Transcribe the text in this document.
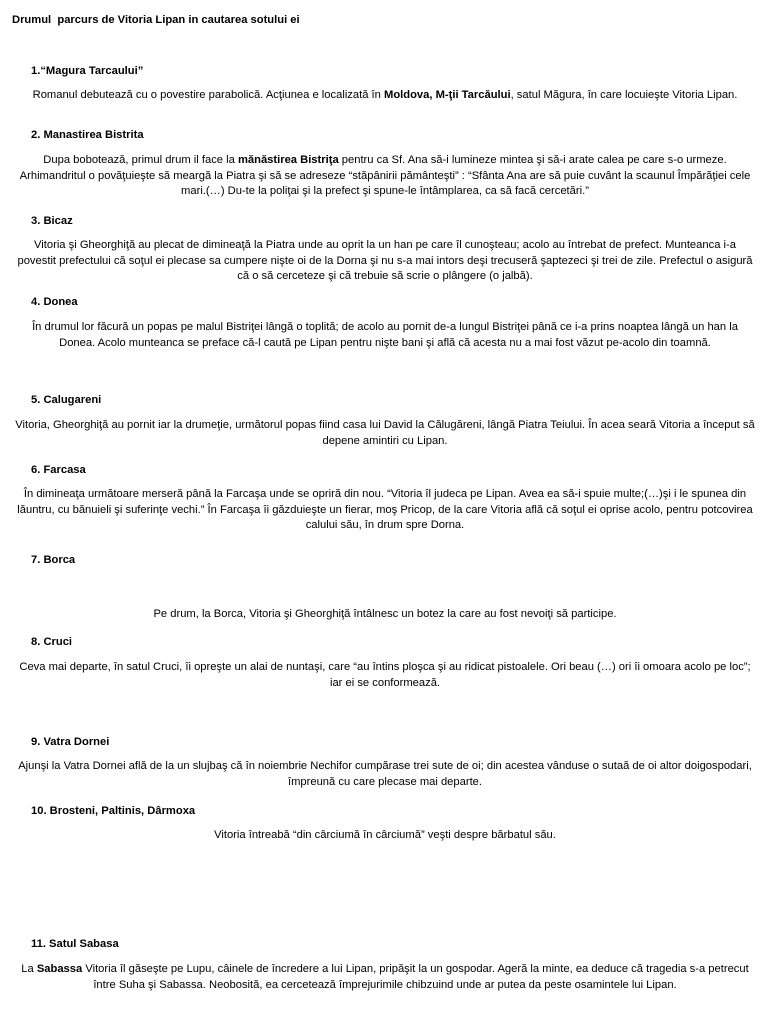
Drumul  parcurs de Vitoria Lipan in cautarea sotului ei
1.“Magura Tarcaului”
Romanul debutează cu o povestire parabolică. Acţiunea e localizată în Moldova, M-ţii Tarcăului, satul Măgura, în care locuieşte Vitoria Lipan.
2. Manastirea Bistrita
Dupa bobotează, primul drum il face la mănăstirea Bistriţa pentru ca Sf. Ana să-i lumineze mintea şi să-i arate calea pe care s-o urmeze. Arhimandritul o povăţuieşte să meargă la Piatra şi să se adreseze “stăpânirii pământeşti” : “Sfânta Ana are să puie cuvânt la scaunul Împărăţiei cele mari.(…) Du-te la poliţai şi la prefect şi spune-le întâmplarea, ca să facă cercetări.”
3. Bicaz
Vitoria şi Gheorghiţă au plecat de dimineaţă la Piatra unde au oprit la un han pe care îl cunoşteau; acolo au întrebat de prefect. Munteanca i-a povestit prefectului că soţul ei plecase sa cumpere nişte oi de la Dorna şi nu s-a mai intors deşi trecuseră şaptezeci şi trei de zile. Prefectul o asigură că o să cerceteze şi că trebuie să scrie o plângere (o jalbă).
4. Donea
În drumul lor făcură un popas pe malul Bistriţei lângă o toplită; de acolo au pornit de-a lungul Bistriţei până ce i-a prins noaptea lângă un han la Donea. Acolo munteanca se preface că-l caută pe Lipan pentru nişte bani şi află că acesta nu a mai fost văzut pe-acolo din toamnă.
5. Calugareni
Vitoria, Gheorghiţă au pornit iar la drumeţie, următorul popas fiind casa lui David la Călugăreni, lângă Piatra Teiului. În acea seară Vitoria a început să depene amintiri cu Lipan.
6. Farcasa
În dimineaţa următoare merseră până la Farcaşa unde se opriră din nou. “Vitoria îl judeca pe Lipan. Avea ea să-i spuie multe;(…)şi i le spunea din lăuntru, cu bănuieli şi suferinţe vechi.” În Farcaşa îi găzduieşte un fierar, moş Pricop, de la care Vitoria află că soţul ei oprise acolo, pentru potcovirea calului său, în drum spre Dorna.
7. Borca
Pe drum, la Borca, Vitoria şi Gheorghiţă întâlnesc un botez la care au fost nevoiţi să participe.
8. Cruci
Ceva mai departe, în satul Cruci, îi opreşte un alai de nuntaşi, care “au întins ploşca şi au ridicat pistoalele. Ori beau (…) ori îi omoara acolo pe loc”; iar ei se conformează.
9. Vatra Dornei
Ajunşi la Vatra Dornei află de la un slujbaş că în noiembrie Nechifor cumpărase trei sute de oi; din acestea vânduse o sutaă de oi altor doigospodari, împreună cu care plecase mai departe.
10. Brosteni, Paltinis, Dârmoxa
Vitoria întreabă “din cârciumă în cârciumă” veşti despre bărbatul său.
11. Satul Sabasa
La Sabassa Vitoria îl găseşte pe Lupu, câinele de încredere a lui Lipan, pripăşit la un gospodar. Ageră la minte, ea deduce că tragedia s-a petrecut între Suha şi Sabassa. Neobosită, ea cercetează împrejurimile chibzuind unde ar putea da peste osamintele lui Lipan.
